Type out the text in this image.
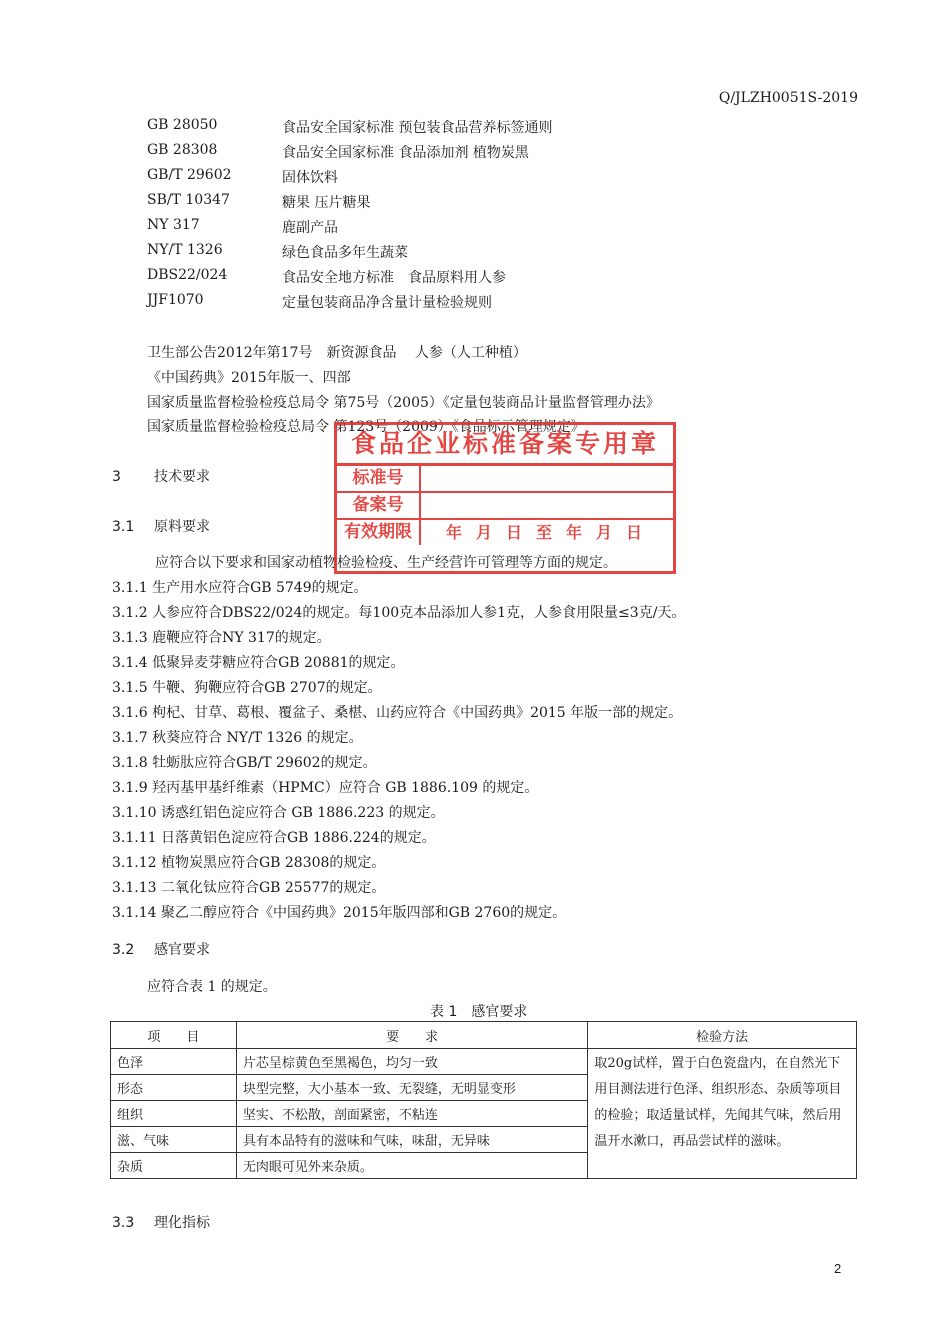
Q/JLZH0051S-2019
GB 28050	食品安全国家标准 预包装食品营养标签通则
GB 28308	食品安全国家标准 食品添加剂 植物炭黑
GB/T 29602	固体饮料
SB/T 10347	糖果 压片糖果
NY 317	鹿副产品
NY/T 1326	绿色食品多年生蔬菜
DBS22/024	食品安全地方标准　食品原料用人参
JJF1070	定量包装商品净含量计量检验规则
卫生部公告2012年第17号　新资源食品　 人参（人工种植）
《中国药典》2015年版一、四部
国家质量监督检验检疫总局令 第75号（2005）《定量包装商品计量监督管理办法》
国家质量监督检验检疫总局令 第123号（2009）《食品标示管理规定》
3 技术要求
3.1 原料要求
应符合以下要求和国家动植物检验检疫、生产经营许可管理等方面的规定。
3.1.1 生产用水应符合GB 5749的规定。
3.1.2 人参应符合DBS22/024的规定。每100克本品添加人参1克，人参食用限量≤3克/天。
3.1.3 鹿鞭应符合NY 317的规定。
3.1.4 低聚异麦芽糖应符合GB 20881的规定。
3.1.5 牛鞭、狗鞭应符合GB 2707的规定。
3.1.6 枸杞、甘草、葛根、覆盆子、桑椹、山药应符合《中国药典》2015 年版一部的规定。
3.1.7 秋葵应符合 NY/T 1326 的规定。
3.1.8 牡蛎肽应符合GB/T 29602的规定。
3.1.9 羟丙基甲基纤维素（HPMC）应符合 GB 1886.109 的规定。
3.1.10 诱惑红铝色淀应符合 GB 1886.223 的规定。
3.1.11 日落黄铝色淀应符合GB 1886.224的规定。
3.1.12 植物炭黑应符合GB 28308的规定。
3.1.13 二氧化钛应符合GB 25577的规定。
3.1.14 聚乙二醇应符合《中国药典》2015年版四部和GB 2760的规定。
3.2 感官要求
应符合表 1 的规定。
表 1　感官要求
项　　目	要　　求	检验方法
色泽	片芯呈棕黄色至黑褐色，均匀一致	取20g试样，置于白色瓷盘内，在自然光下用目测法进行色泽、组织形态、杂质等项目的检验；取适量试样，先闻其气味，然后用温开水漱口，再品尝试样的滋味。
形态	块型完整，大小基本一致、无裂缝，无明显变形	
组织	坚实、不松散，剖面紧密，不粘连	
滋、气味	具有本品特有的滋味和气味，味甜，无异味	
杂质	无肉眼可见外来杂质。	
3.3 理化指标
食品企业标准备案专用章
标准号
备案号
有效期限	年月日至年月日
2
